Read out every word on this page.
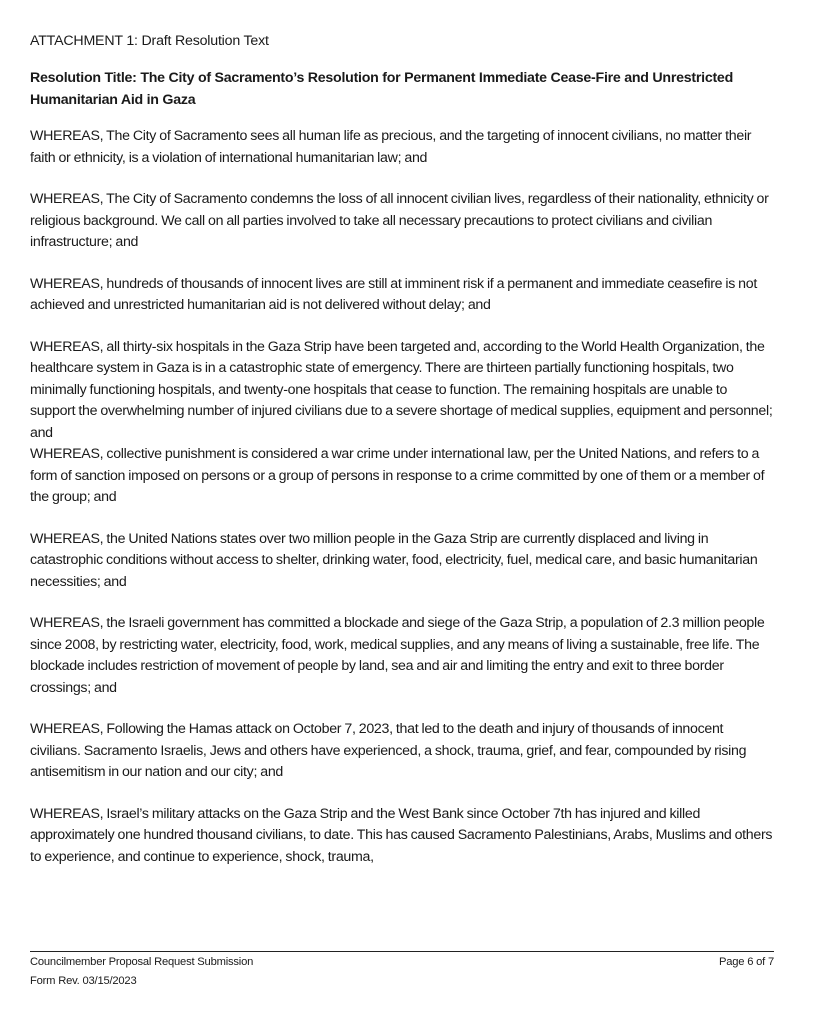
ATTACHMENT 1: Draft Resolution Text

Resolution Title: The City of Sacramento’s Resolution for Permanent Immediate Cease-Fire and Unrestricted Humanitarian Aid in Gaza

WHEREAS, The City of Sacramento sees all human life as precious, and the targeting of innocent civilians, no matter their faith or ethnicity, is a violation of international humanitarian law; and

WHEREAS, The City of Sacramento condemns the loss of all innocent civilian lives, regardless of their nationality, ethnicity or religious background. We call on all parties involved to take all necessary precautions to protect civilians and civilian infrastructure; and

WHEREAS, hundreds of thousands of innocent lives are still at imminent risk if a permanent and immediate ceasefire is not achieved and unrestricted humanitarian aid is not delivered without delay; and

WHEREAS, all thirty-six hospitals in the Gaza Strip have been targeted and, according to the World Health Organization, the healthcare system in Gaza is in a catastrophic state of emergency. There are thirteen partially functioning hospitals, two minimally functioning hospitals, and twenty-one hospitals that cease to function. The remaining hospitals are unable to support the overwhelming number of injured civilians due to a severe shortage of medical supplies, equipment and personnel; and

WHEREAS, collective punishment is considered a war crime under international law, per the United Nations, and refers to a form of sanction imposed on persons or a group of persons in response to a crime committed by one of them or a member of the group; and

WHEREAS, the United Nations states over two million people in the Gaza Strip are currently displaced and living in catastrophic conditions without access to shelter, drinking water, food, electricity, fuel, medical care, and basic humanitarian necessities; and

WHEREAS, the Israeli government has committed a blockade and siege of the Gaza Strip, a population of 2.3 million people since 2008, by restricting water, electricity, food, work, medical supplies, and any means of living a sustainable, free life. The blockade includes restriction of movement of people by land, sea and air and limiting the entry and exit to three border crossings; and

WHEREAS, Following the Hamas attack on October 7, 2023, that led to the death and injury of thousands of innocent civilians. Sacramento Israelis, Jews and others have experienced, a shock, trauma, grief, and fear, compounded by rising antisemitism in our nation and our city; and

WHEREAS, Israel’s military attacks on the Gaza Strip and the West Bank since October 7th has injured and killed approximately one hundred thousand civilians, to date. This has caused Sacramento Palestinians, Arabs, Muslims and others to experience, and continue to experience, shock, trauma,

Councilmember Proposal Request Submission	Page 6 of 7
Form Rev. 03/15/2023
